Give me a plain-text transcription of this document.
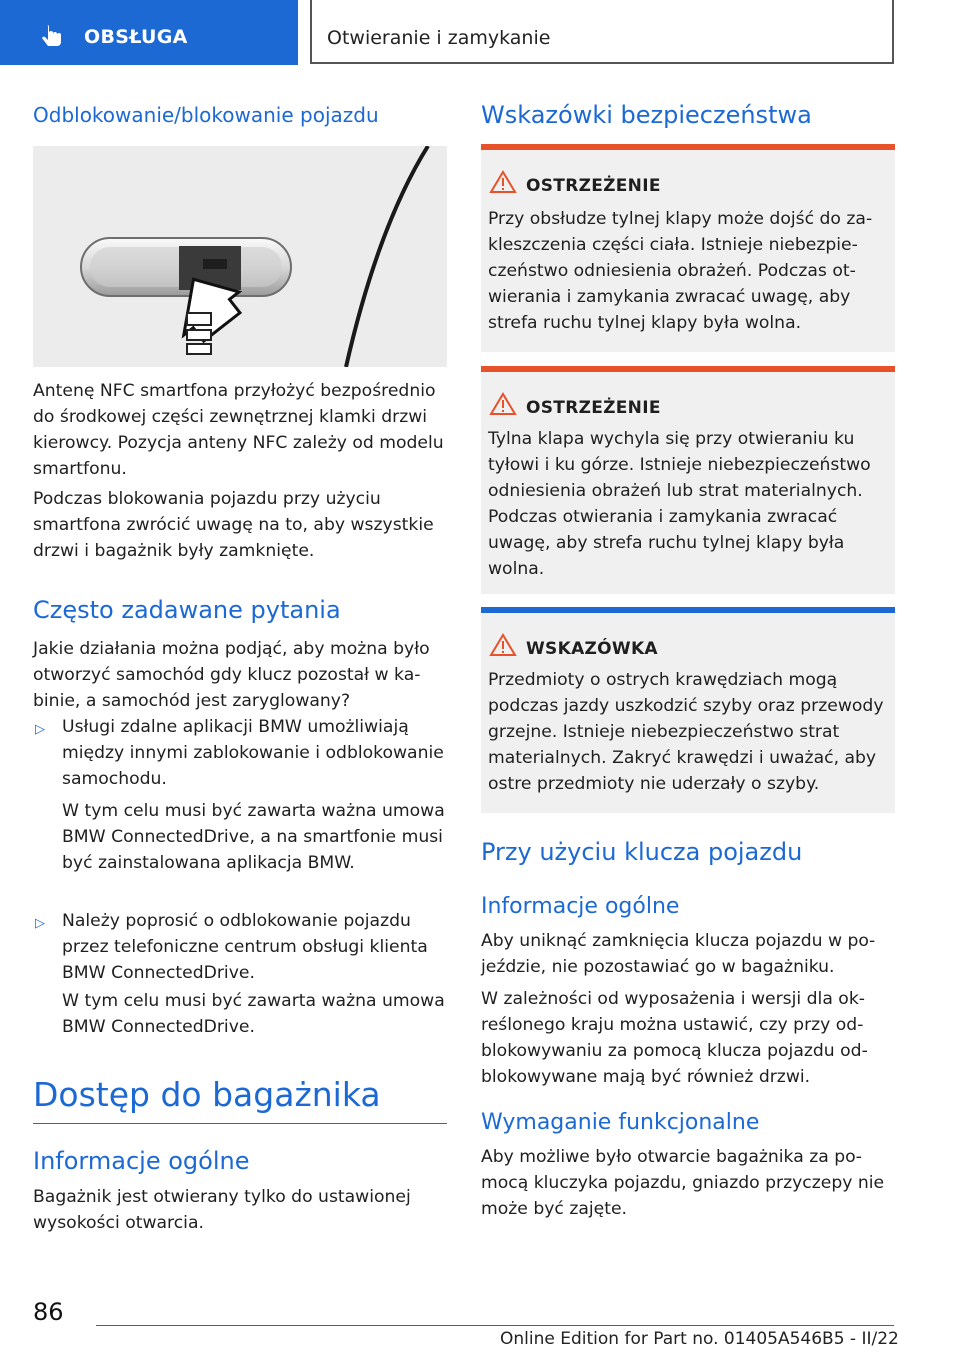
OBSŁUGA	Otwieranie i zamykanie
Odblokowanie/blokowanie pojazdu
Antenę NFC smartfona przyłożyć bezpośrednio do środkowej części zewnętrznej klamki drzwi kierowcy. Pozycja anteny NFC zależy od modelu smartfonu.
Podczas blokowania pojazdu przy użyciu smartfona zwrócić uwagę na to, aby wszystkie drzwi i bagażnik były zamknięte.
Często zadawane pytania
Jakie działania można podjąć, aby można było otworzyć samochód gdy klucz pozostał w kabinie, a samochód jest zaryglowany?
▷ Usługi zdalne aplikacji BMW umożliwiają między innymi zablokowanie i odblokowanie samochodu.
W tym celu musi być zawarta ważna umowa BMW ConnectedDrive, a na smartfonie musi być zainstalowana aplikacja BMW.
▷ Należy poprosić o odblokowanie pojazdu przez telefoniczne centrum obsługi klienta BMW ConnectedDrive.
W tym celu musi być zawarta ważna umowa BMW ConnectedDrive.
Dostęp do bagażnika
Informacje ogólne
Bagażnik jest otwierany tylko do ustawionej wysokości otwarcia.
Wskazówki bezpieczeństwa
OSTRZEŻENIE
Przy obsłudze tylnej klapy może dojść do zakleszczenia części ciała. Istnieje niebezpieczeństwo odniesienia obrażeń. Podczas otwierania i zamykania zwracać uwagę, aby strefa ruchu tylnej klapy była wolna.
OSTRZEŻENIE
Tylna klapa wychyla się przy otwieraniu ku tyłowi i ku górze. Istnieje niebezpieczeństwo odniesienia obrażeń lub strat materialnych. Podczas otwierania i zamykania zwracać uwagę, aby strefa ruchu tylnej klapy była wolna.
WSKAZÓWKA
Przedmioty o ostrych krawędziach mogą podczas jazdy uszkodzić szyby oraz przewody grzejne. Istnieje niebezpieczeństwo strat materialnych. Zakryć krawędzi i uważać, aby ostre przedmioty nie uderzały o szyby.
Przy użyciu klucza pojazdu
Informacje ogólne
Aby uniknąć zamknięcia klucza pojazdu w pojeździe, nie pozostawiać go w bagażniku.
W zależności od wyposażenia i wersji dla określonego kraju można ustawić, czy przy odblokowywaniu za pomocą klucza pojazdu odblokowywane mają być również drzwi.
Wymaganie funkcjonalne
Aby możliwe było otwarcie bagażnika za pomocą kluczyka pojazdu, gniazdo przyczepy nie może być zajęte.
86
Online Edition for Part no. 01405A546B5 - II/22
